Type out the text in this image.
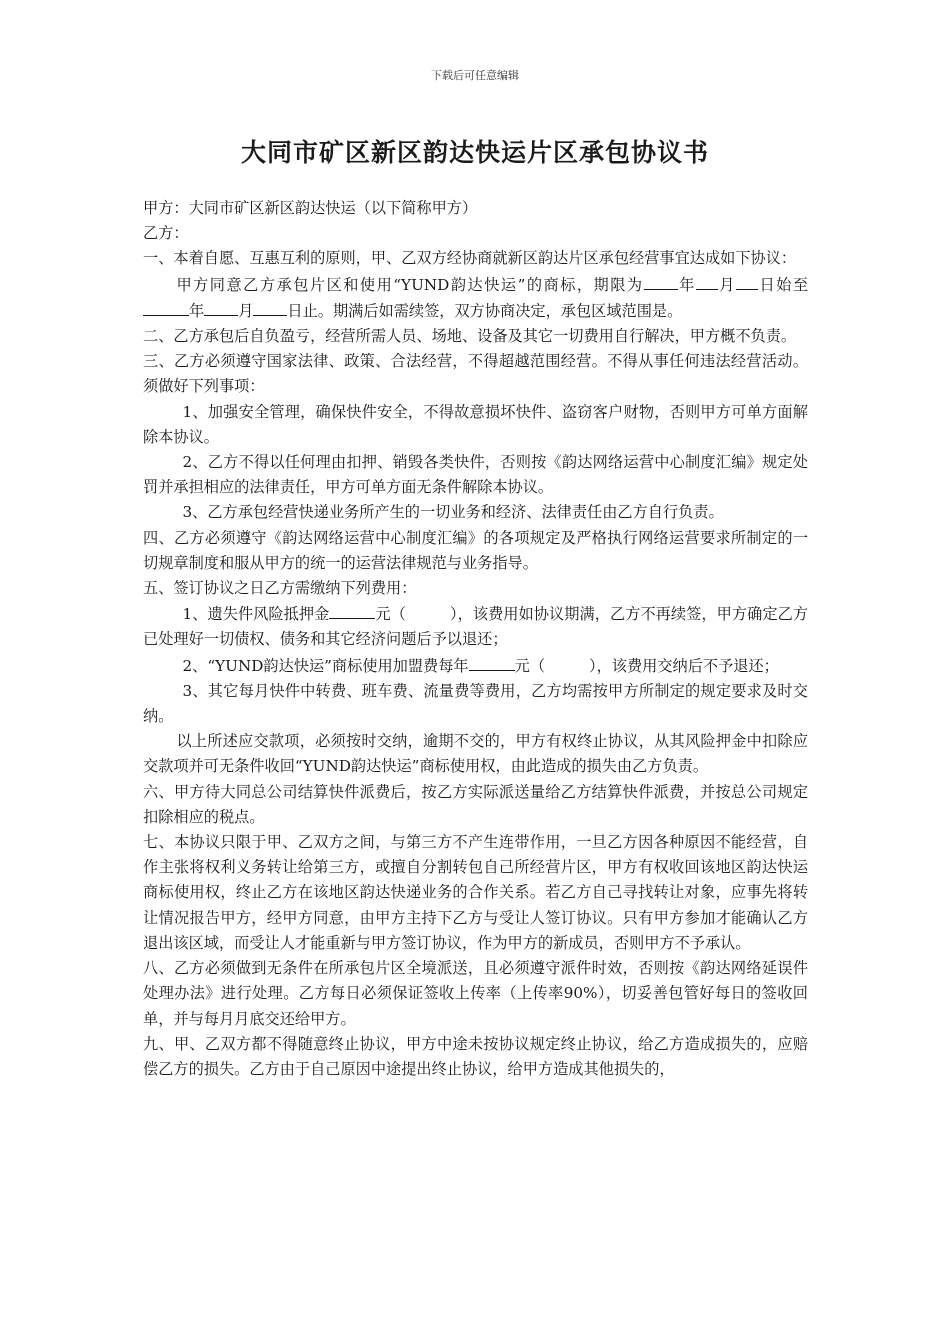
下载后可任意编辑
大同市矿区新区韵达快运片区承包协议书

甲方：大同市矿区新区韵达快运（以下简称甲方）

乙方：

一、本着自愿、互惠互利的原则，甲、乙双方经协商就新区韵达片区承包经营事宜达成如下协议：

甲方同意乙方承包片区和使用“YUND韵达快运”的商标，期限为 年 月 日始至 年 月 日止。期满后如需续签，双方协商决定，承包区域范围是。

二、乙方承包后自负盈亏，经营所需人员、场地、设备及其它一切费用自行解决，甲方概不负责。

三、乙方必须遵守国家法律、政策、合法经营，不得超越范围经营。不得从事任何违法经营活动。须做好下列事项：

1、加强安全管理，确保快件安全，不得故意损坏快件、盗窃客户财物，否则甲方可单方面解除本协议。

2、乙方不得以任何理由扣押、销毁各类快件，否则按《韵达网络运营中心制度汇编》规定处罚并承担相应的法律责任，甲方可单方面无条件解除本协议。

3、乙方承包经营快递业务所产生的一切业务和经济、法律责任由乙方自行负责。

四、乙方必须遵守《韵达网络运营中心制度汇编》的各项规定及严格执行网络运营要求所制定的一切规章制度和服从甲方的统一的运营法律规范与业务指导。

五、签订协议之日乙方需缴纳下列费用：

1、遗失件风险抵押金	元（	），该费用如协议期满，乙方不再续签，甲方确定乙方已处理好一切债权、债务和其它经济问题后予以退还；

2、“YUND韵达快运”商标使用加盟费每年	元（	），该费用交纳后不予退还；

3、其它每月快件中转费、班车费、流量费等费用，乙方均需按甲方所制定的规定要求及时交纳。

以上所述应交款项，必须按时交纳，逾期不交的，甲方有权终止协议，从其风险押金中扣除应交款项并可无条件收回“YUND韵达快运”商标使用权，由此造成的损失由乙方负责。

六、甲方待大同总公司结算快件派费后，按乙方实际派送量给乙方结算快件派费，并按总公司规定扣除相应的税点。

七、本协议只限于甲、乙双方之间，与第三方不产生连带作用，一旦乙方因各种原因不能经营，自作主张将权利义务转让给第三方，或擅自分割转包自己所经营片区，甲方有权收回该地区韵达快运商标使用权，终止乙方在该地区韵达快递业务的合作关系。若乙方自己寻找转让对象，应事先将转让情况报告甲方，经甲方同意，由甲方主持下乙方与受让人签订协议。只有甲方参加才能确认乙方退出该区域，而受让人才能重新与甲方签订协议，作为甲方的新成员，否则甲方不予承认。

八、乙方必须做到无条件在所承包片区全境派送，且必须遵守派件时效，否则按《韵达网络延误件处理办法》进行处理。乙方每日必须保证签收上传率（上传率90%），切妥善包管好每日的签收回单，并与每月月底交还给甲方。

九、甲、乙双方都不得随意终止协议，甲方中途未按协议规定终止协议，给乙方造成损失的，应赔偿乙方的损失。乙方由于自己原因中途提出终止协议，给甲方造成其他损失的，
